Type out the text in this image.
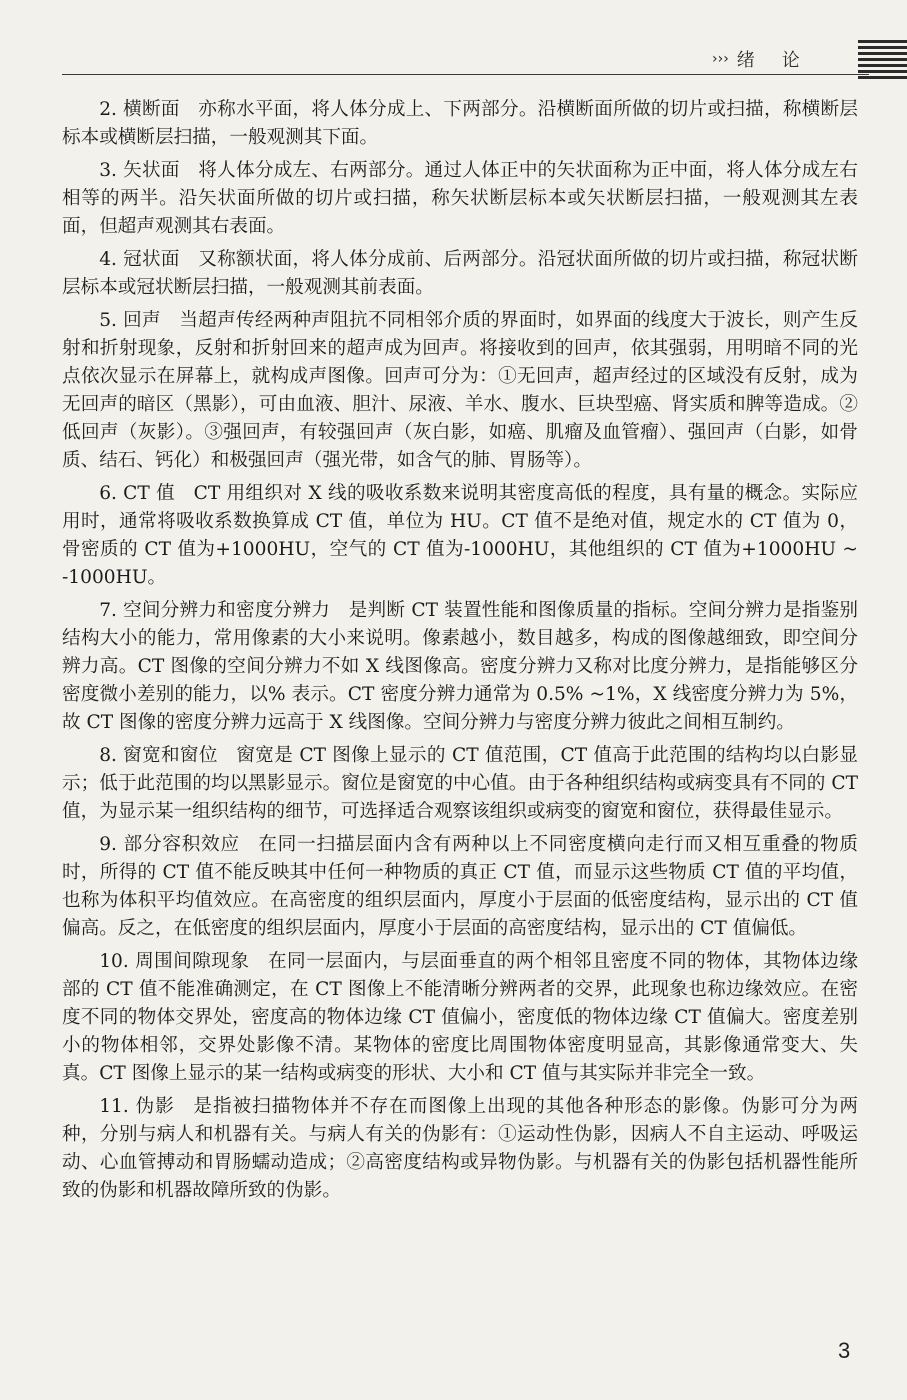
››› 绪 论

2. 横断面 亦称水平面，将人体分成上、下两部分。沿横断面所做的切片或扫描，称横断层标本或横断层扫描，一般观测其下面。

3. 矢状面 将人体分成左、右两部分。通过人体正中的矢状面称为正中面，将人体分成左右相等的两半。沿矢状面所做的切片或扫描，称矢状断层标本或矢状断层扫描，一般观测其左表面，但超声观测其右表面。

4. 冠状面 又称额状面，将人体分成前、后两部分。沿冠状面所做的切片或扫描，称冠状断层标本或冠状断层扫描，一般观测其前表面。

5. 回声 当超声传经两种声阻抗不同相邻介质的界面时，如界面的线度大于波长，则产生反射和折射现象，反射和折射回来的超声成为回声。将接收到的回声，依其强弱，用明暗不同的光点依次显示在屏幕上，就构成声图像。回声可分为：①无回声，超声经过的区域没有反射，成为无回声的暗区（黑影），可由血液、胆汁、尿液、羊水、腹水、巨块型癌、肾实质和脾等造成。②低回声（灰影）。③强回声，有较强回声（灰白影，如癌、肌瘤及血管瘤）、强回声（白影，如骨质、结石、钙化）和极强回声（强光带，如含气的肺、胃肠等）。

6. CT 值 CT 用组织对 X 线的吸收系数来说明其密度高低的程度，具有量的概念。实际应用时，通常将吸收系数换算成 CT 值，单位为 HU。CT 值不是绝对值，规定水的 CT 值为 0，骨密质的 CT 值为+1000HU，空气的 CT 值为-1000HU，其他组织的 CT 值为+1000HU ~ -1000HU。

7. 空间分辨力和密度分辨力 是判断 CT 装置性能和图像质量的指标。空间分辨力是指鉴别结构大小的能力，常用像素的大小来说明。像素越小，数目越多，构成的图像越细致，即空间分辨力高。CT 图像的空间分辨力不如 X 线图像高。密度分辨力又称对比度分辨力，是指能够区分密度微小差别的能力，以% 表示。CT 密度分辨力通常为 0.5% ~1%，X 线密度分辨力为 5%，故 CT 图像的密度分辨力远高于 X 线图像。空间分辨力与密度分辨力彼此之间相互制约。

8. 窗宽和窗位 窗宽是 CT 图像上显示的 CT 值范围，CT 值高于此范围的结构均以白影显示；低于此范围的均以黑影显示。窗位是窗宽的中心值。由于各种组织结构或病变具有不同的 CT 值，为显示某一组织结构的细节，可选择适合观察该组织或病变的窗宽和窗位，获得最佳显示。

9. 部分容积效应 在同一扫描层面内含有两种以上不同密度横向走行而又相互重叠的物质时，所得的 CT 值不能反映其中任何一种物质的真正 CT 值，而显示这些物质 CT 值的平均值，也称为体积平均值效应。在高密度的组织层面内，厚度小于层面的低密度结构，显示出的 CT 值偏高。反之，在低密度的组织层面内，厚度小于层面的高密度结构，显示出的 CT 值偏低。

10. 周围间隙现象 在同一层面内，与层面垂直的两个相邻且密度不同的物体，其物体边缘部的 CT 值不能准确测定，在 CT 图像上不能清晰分辨两者的交界，此现象也称边缘效应。在密度不同的物体交界处，密度高的物体边缘 CT 值偏小，密度低的物体边缘 CT 值偏大。密度差别小的物体相邻，交界处影像不清。某物体的密度比周围物体密度明显高，其影像通常变大、失真。CT 图像上显示的某一结构或病变的形状、大小和 CT 值与其实际并非完全一致。

11. 伪影 是指被扫描物体并不存在而图像上出现的其他各种形态的影像。伪影可分为两种，分别与病人和机器有关。与病人有关的伪影有：①运动性伪影，因病人不自主运动、呼吸运动、心血管搏动和胃肠蠕动造成；②高密度结构或异物伪影。与机器有关的伪影包括机器性能所致的伪影和机器故障所致的伪影。

3
